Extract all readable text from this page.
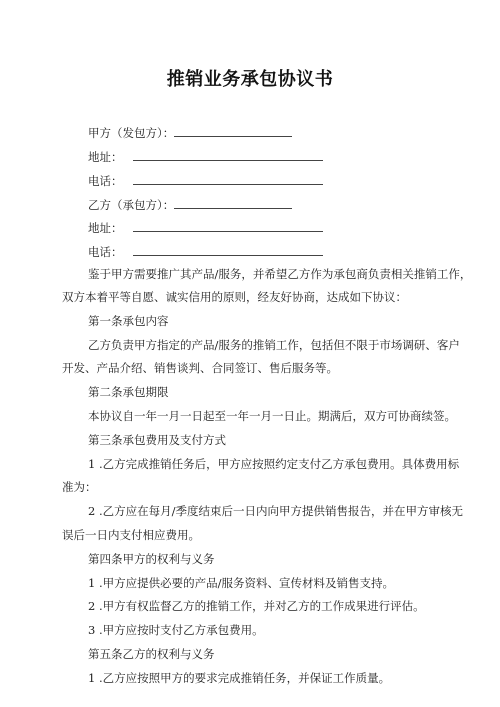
推销业务承包协议书
甲方（发包方）：
地址：
电话：
乙方（承包方）：
地址：
电话：
鉴于甲方需要推广其产品/服务，并希望乙方作为承包商负责相关推销工作，
双方本着平等自愿、诚实信用的原则，经友好协商，达成如下协议：
第一条承包内容
乙方负责甲方指定的产品/服务的推销工作，包括但不限于市场调研、客户
开发、产品介绍、销售谈判、合同签订、售后服务等。
第二条承包期限
本协议自一年一月一日起至一年一月一日止。期满后，双方可协商续签。
第三条承包费用及支付方式
1 .乙方完成推销任务后，甲方应按照约定支付乙方承包费用。具体费用标
准为：
2 .乙方应在每月/季度结束后一日内向甲方提供销售报告，并在甲方审核无
误后一日内支付相应费用。
第四条甲方的权利与义务
1 .甲方应提供必要的产品/服务资料、宣传材料及销售支持。
2 .甲方有权监督乙方的推销工作，并对乙方的工作成果进行评估。
3 .甲方应按时支付乙方承包费用。
第五条乙方的权利与义务
1 .乙方应按照甲方的要求完成推销任务，并保证工作质量。
